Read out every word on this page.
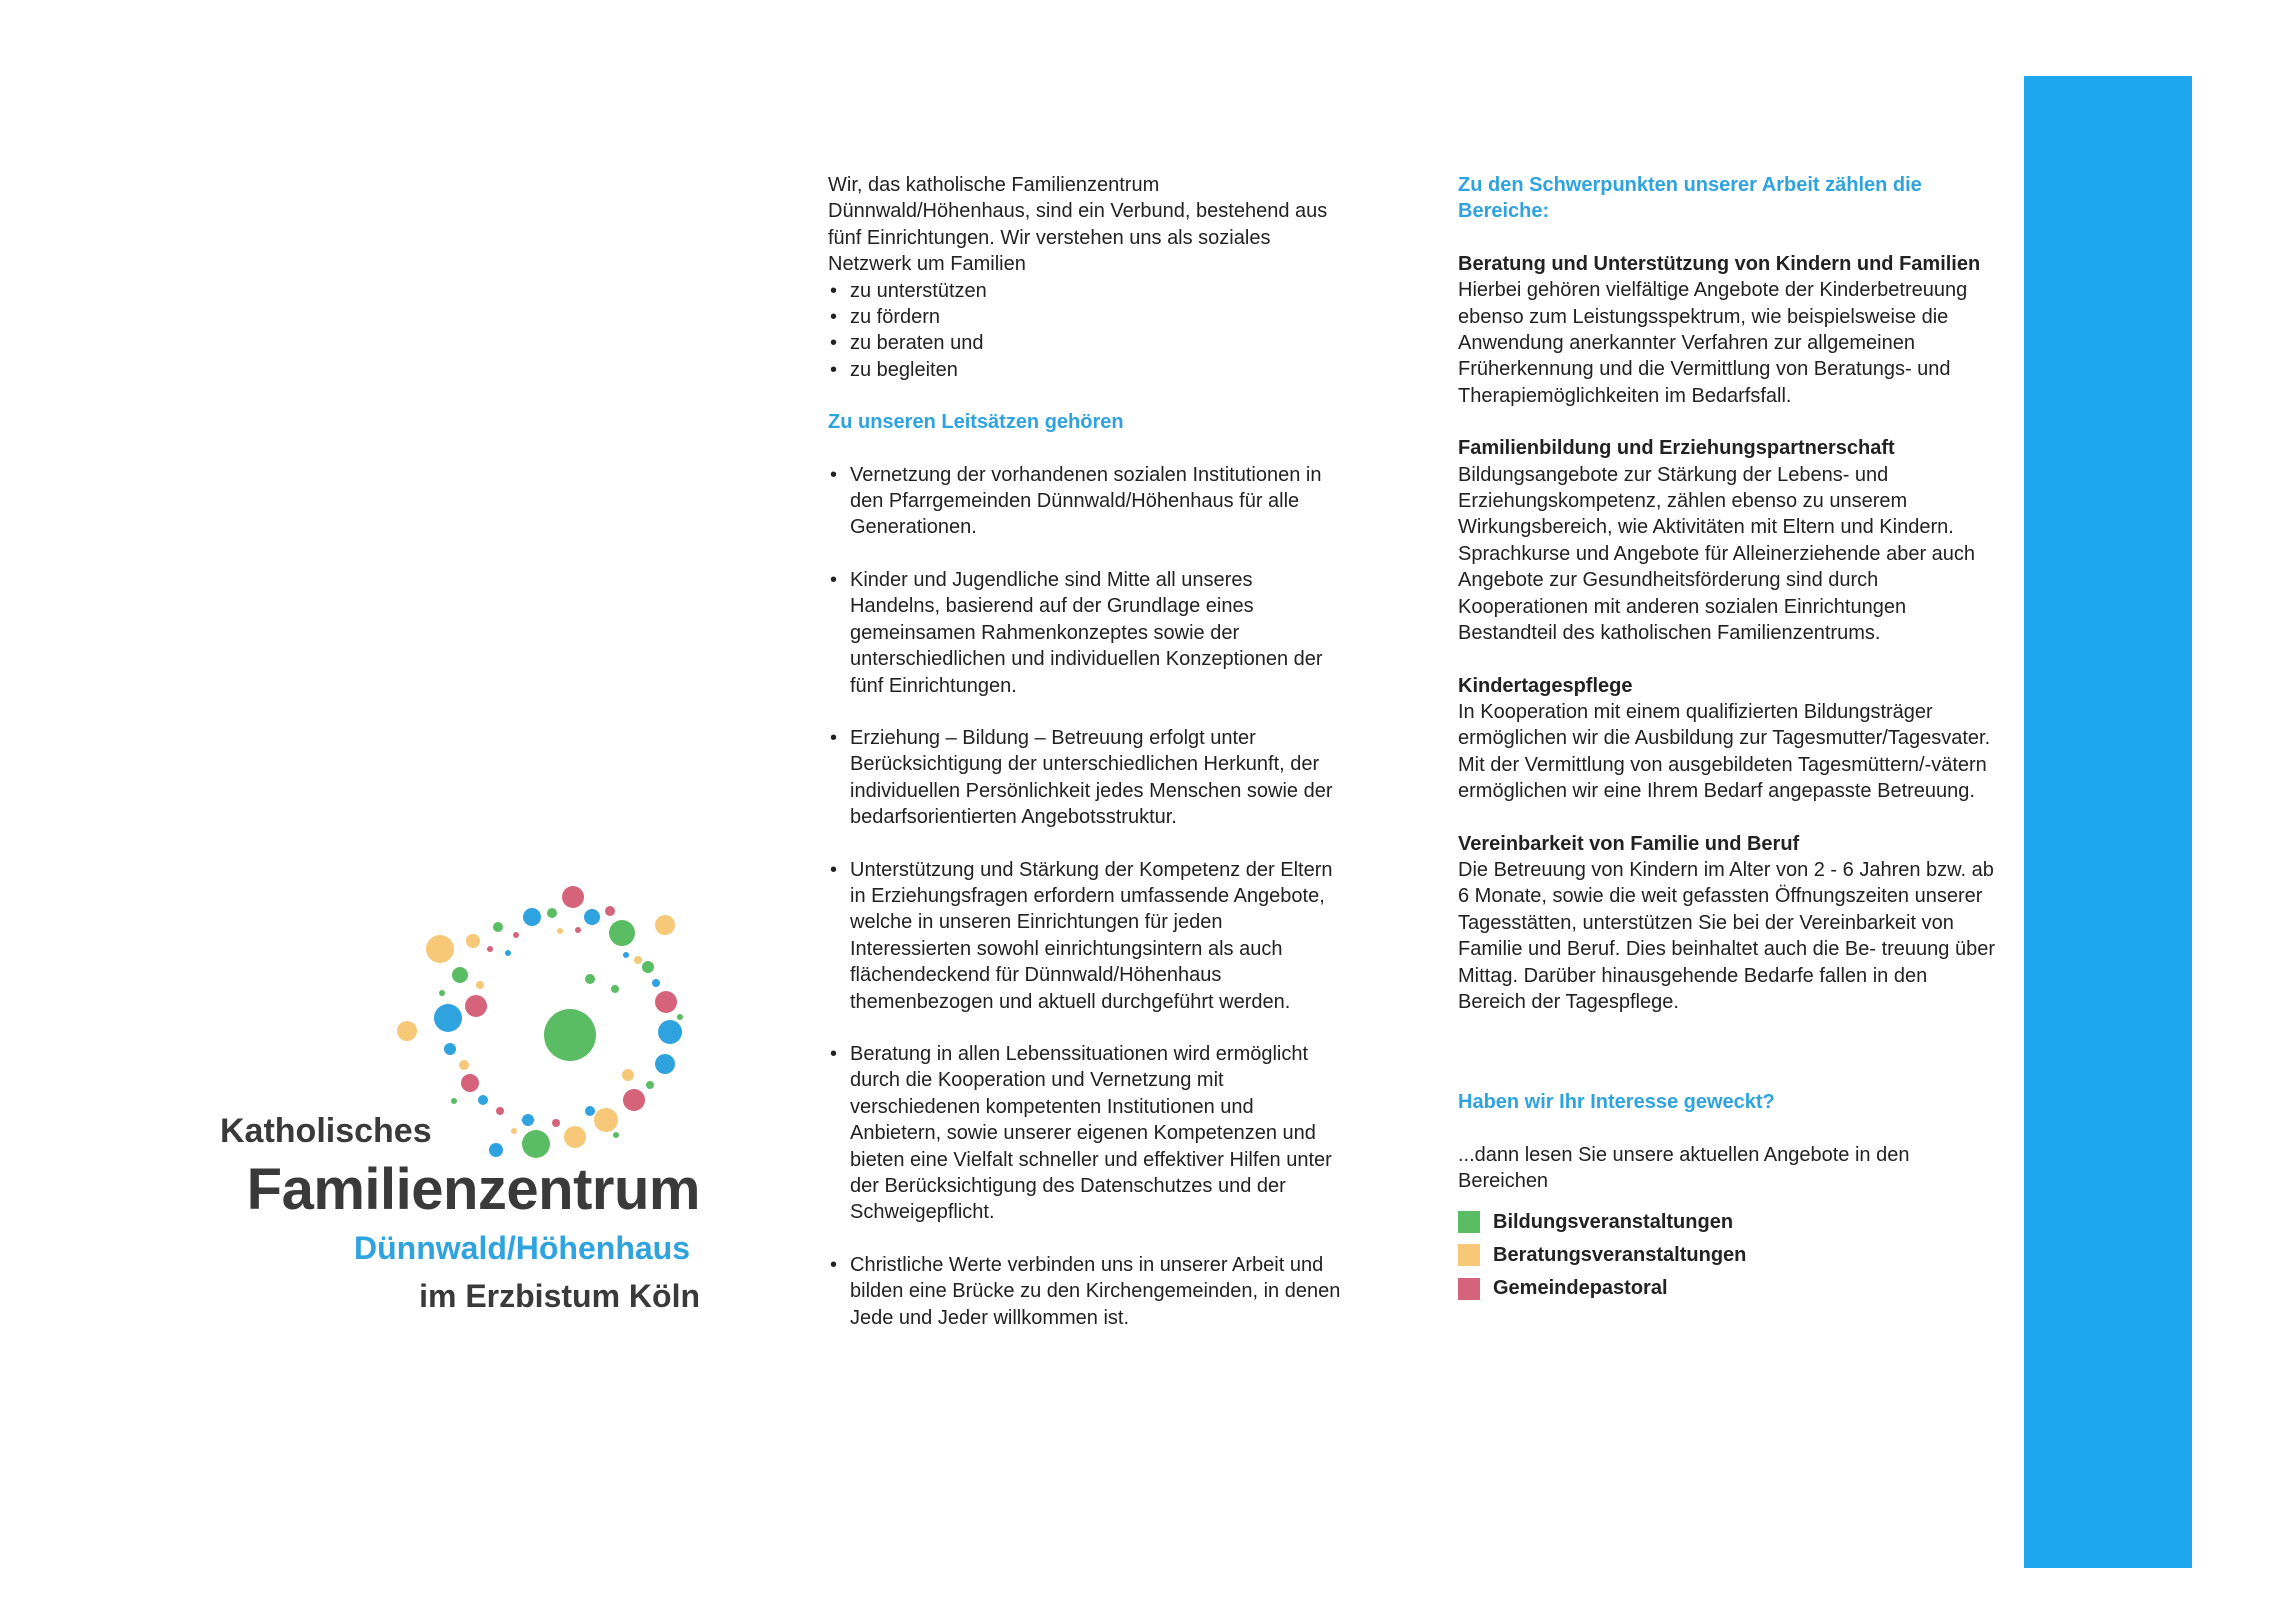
Katholisches
Familienzentrum
Dünnwald/Höhenhaus
im Erzbistum Köln

Wir, das katholische Familienzentrum Dünnwald/Höhenhaus, sind ein Verbund, bestehend aus fünf Einrichtungen. Wir verstehen uns als soziales Netzwerk um Familien

• zu unterstützen
• zu fördern
• zu beraten und
• zu begleiten

Zu unseren Leitsätzen gehören

• Vernetzung der vorhandenen sozialen Institutionen in den Pfarrgemeinden Dünnwald/Höhenhaus für alle Generationen.
• Kinder und Jugendliche sind Mitte all unseres Handelns, basierend auf der Grundlage eines gemeinsamen Rahmenkonzeptes sowie der unterschiedlichen und individuellen Konzeptionen der fünf Einrichtungen.
• Erziehung – Bildung – Betreuung erfolgt unter Berücksichtigung der unterschiedlichen Herkunft, der individuellen Persönlichkeit jedes Menschen sowie der bedarfsorientierten Angebotsstruktur.
• Unterstützung und Stärkung der Kompetenz der Eltern in Erziehungsfragen erfordern umfassende Angebote, welche in unseren Einrichtungen für jeden Interessierten sowohl einrichtungsintern als auch flächendeckend für Dünnwald/Höhenhaus themenbezogen und aktuell durchgeführt werden.
• Beratung in allen Lebenssituationen wird ermöglicht durch die Kooperation und Vernetzung mit verschiedenen kompetenten Institutionen und Anbietern, sowie unserer eigenen Kompetenzen und bieten eine Vielfalt schneller und effektiver Hilfen unter der Berücksichtigung des Datenschutzes und der Schweigepflicht.
• Christliche Werte verbinden uns in unserer Arbeit und bilden eine Brücke zu den Kirchengemeinden, in denen Jede und Jeder willkommen ist.

Zu den Schwerpunkten unserer Arbeit zählen die Bereiche:

Beratung und Unterstützung von Kindern und Familien

Hierbei gehören vielfältige Angebote der Kinderbetreuung ebenso zum Leistungsspektrum, wie beispielsweise die Anwendung anerkannter Verfahren zur allgemeinen Früherkennung und die Vermittlung von Beratungs- und Therapiemöglichkeiten im Bedarfsfall.

Familienbildung und Erziehungspartnerschaft

Bildungsangebote zur Stärkung der Lebens- und Erziehungskompetenz, zählen ebenso zu unserem Wirkungsbereich, wie Aktivitäten mit Eltern und Kindern. Sprachkurse und Angebote für Alleinerziehende aber auch Angebote zur Gesundheitsförderung sind durch Kooperationen mit anderen sozialen Einrichtungen Bestandteil des katholischen Familienzentrums.

Kindertagespflege

In Kooperation mit einem qualifizierten Bildungsträger ermöglichen wir die Ausbildung zur Tagesmutter/Tagesvater. Mit der Vermittlung von ausgebildeten Tagesmüttern/-vätern ermöglichen wir eine Ihrem Bedarf angepasste Betreuung.

Vereinbarkeit von Familie und Beruf

Die Betreuung von Kindern im Alter von 2 - 6 Jahren bzw. ab 6 Monate, sowie die weit gefassten Öffnungszeiten unserer Tagesstätten, unterstützen Sie bei der Vereinbarkeit von Familie und Beruf. Dies beinhaltet auch die Be- treuung über Mittag. Darüber hinausgehende Bedarfe fallen in den Bereich der Tagespflege.

Haben wir Ihr Interesse geweckt?

...dann lesen Sie unsere aktuellen Angebote in den Bereichen

Bildungsveranstaltungen
Beratungsveranstaltungen
Gemeindepastoral
